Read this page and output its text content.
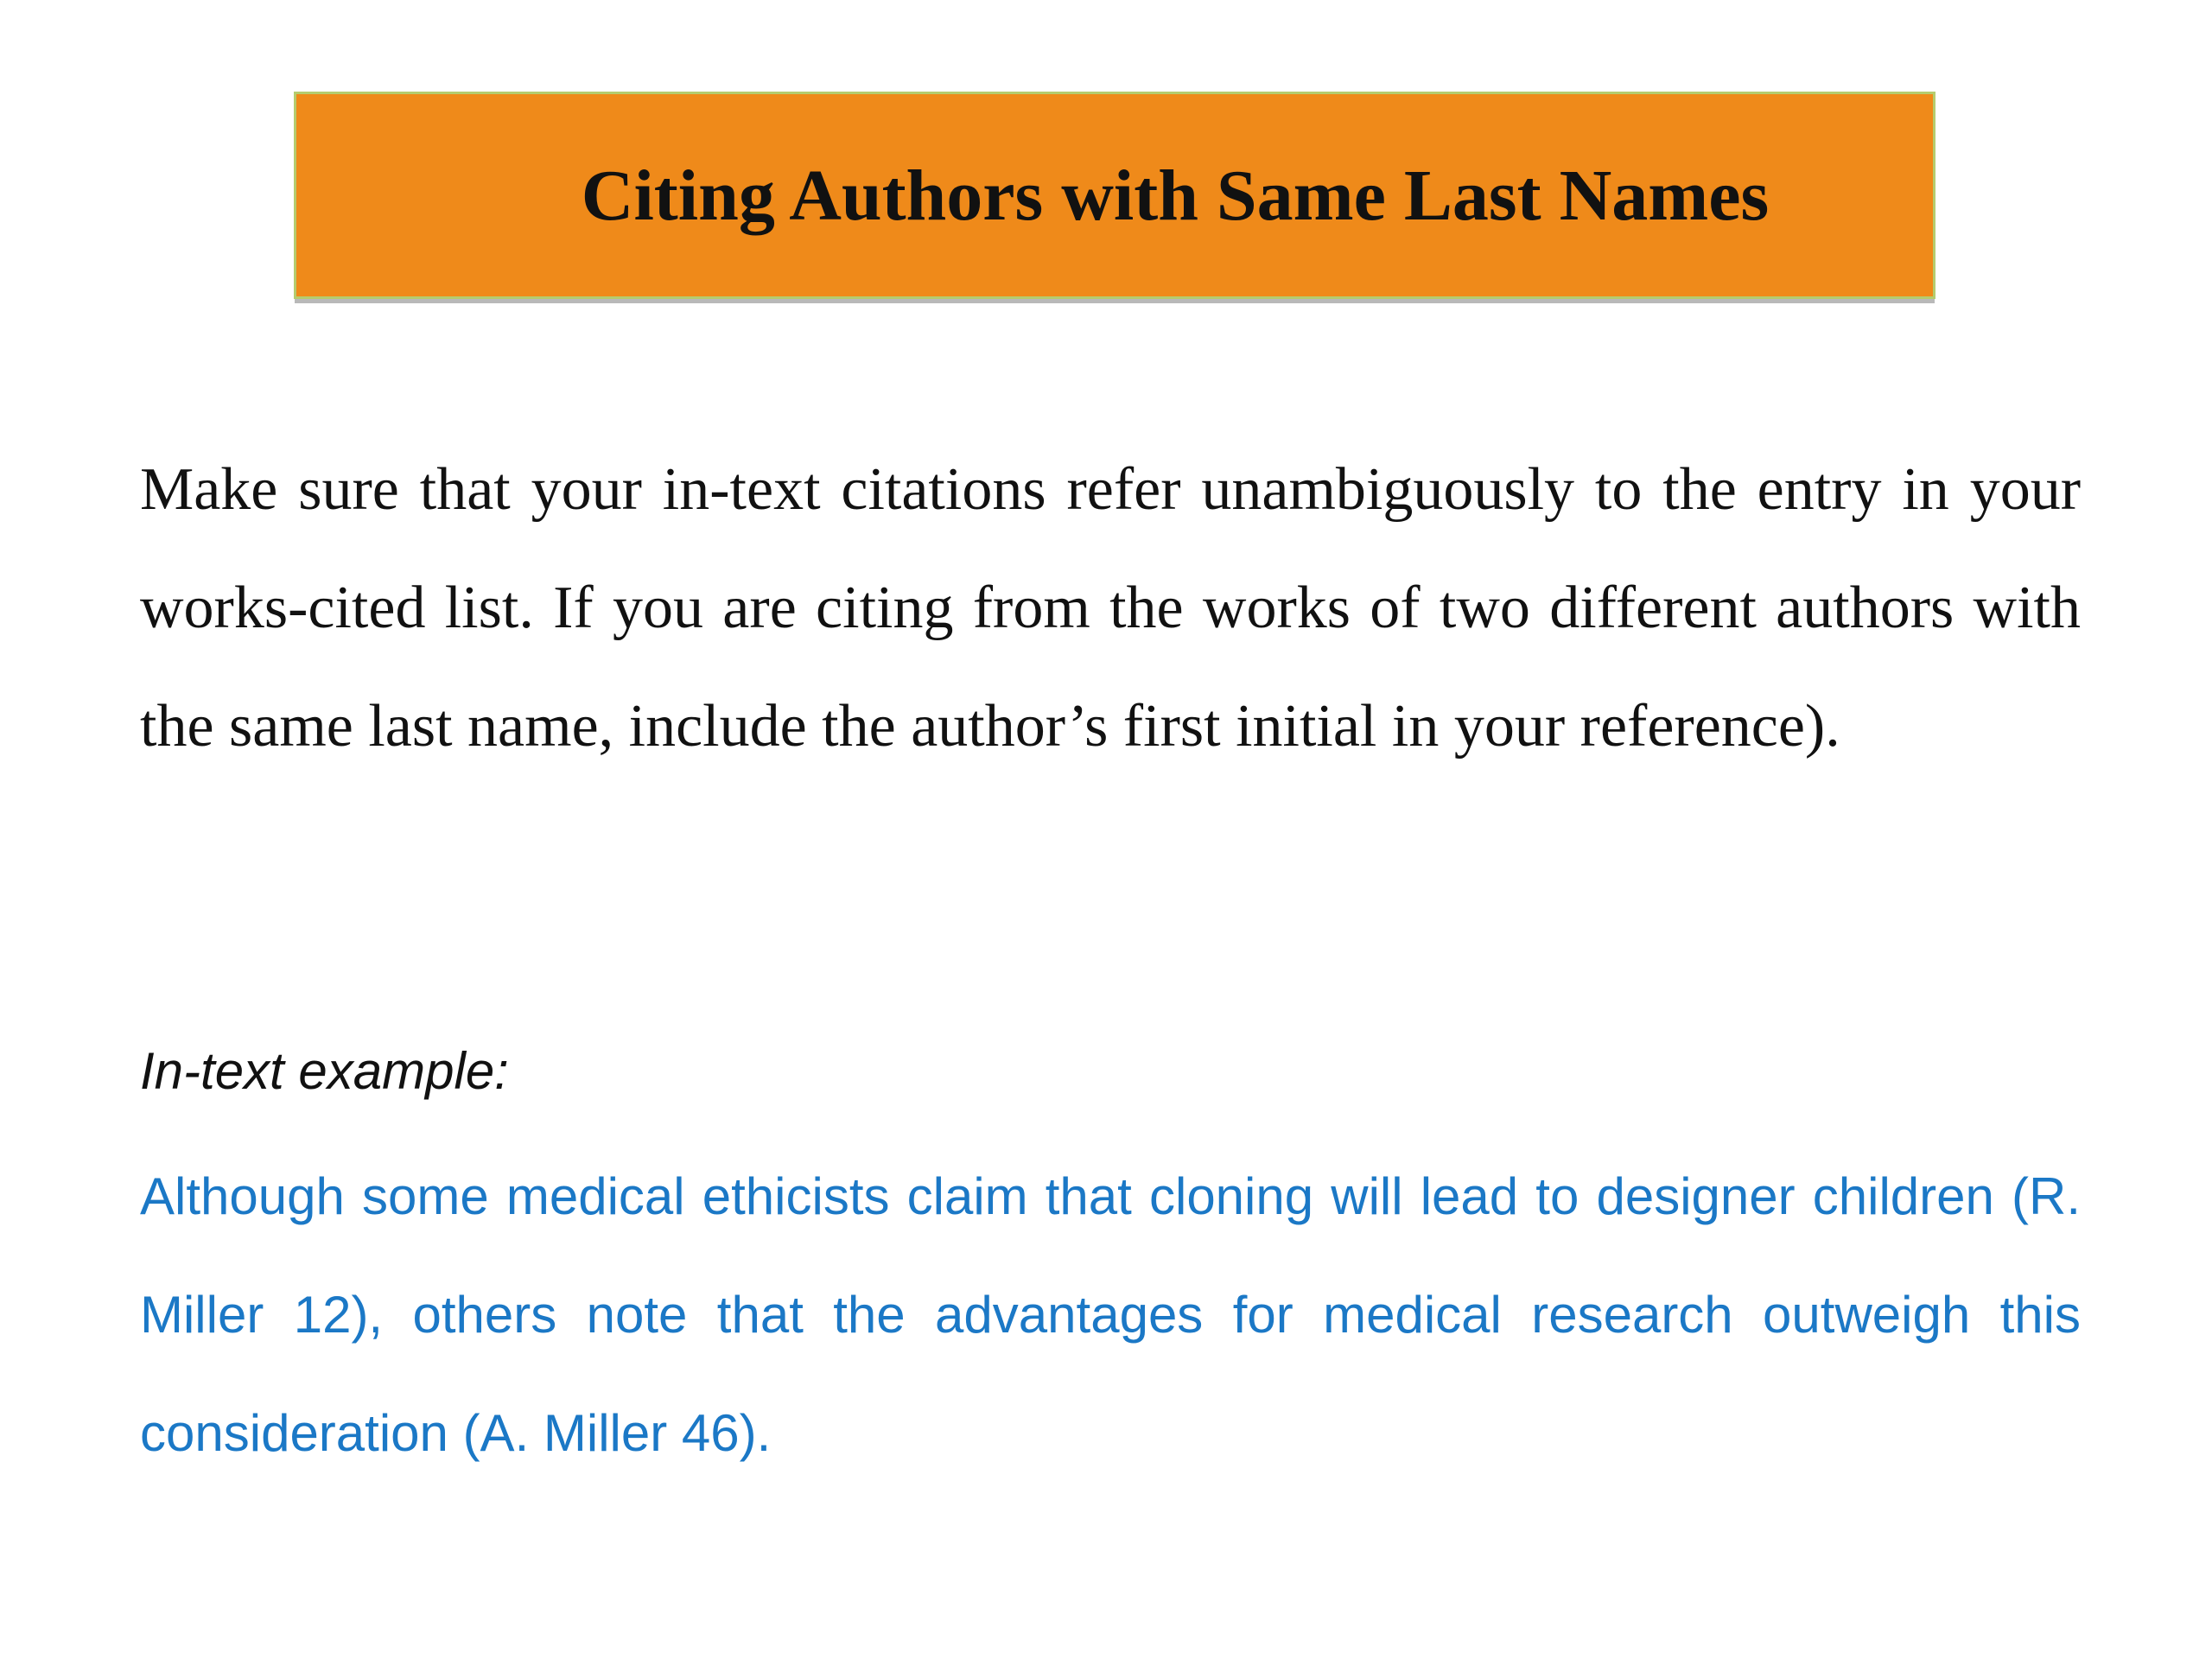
Citing Authors with Same Last Names

Make sure that your in-text citations refer unambiguously to the entry in your works-cited list. If you are citing from the works of two different authors with the same last name, include the author’s first initial in your reference).

In-text example:

Although some medical ethicists claim that cloning will lead to designer children (R. Miller 12), others note that the advantages for medical research outweigh this consideration (A. Miller 46).
